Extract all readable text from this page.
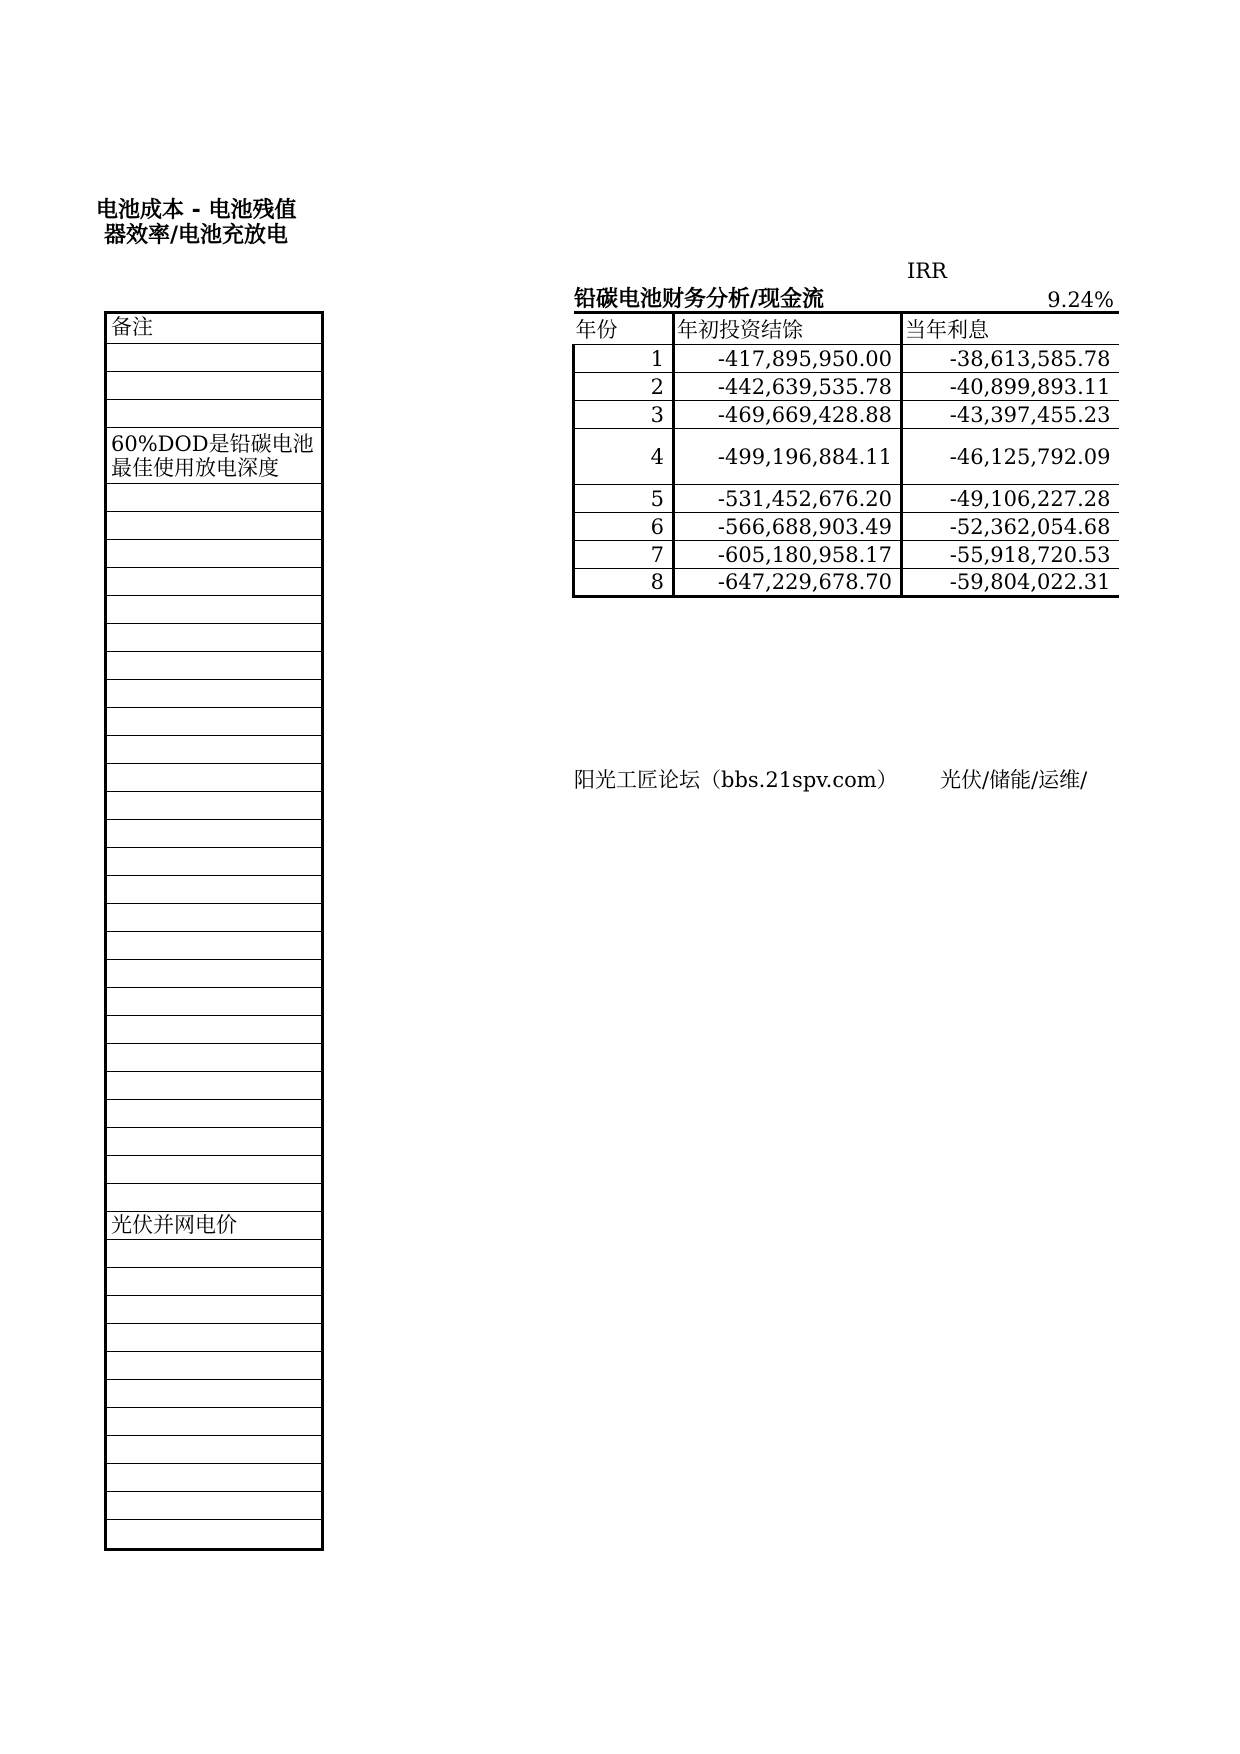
电池成本 - 电池残值
器效率/电池充放电
IRR
9.24%
铅碳电池财务分析/现金流
备注
60%DOD是铅碳电池最佳使用放电深度
光伏并网电价
年份	年初投资结馀	当年利息
1	-417,895,950.00	-38,613,585.78
2	-442,639,535.78	-40,899,893.11
3	-469,669,428.88	-43,397,455.23
4	-499,196,884.11	-46,125,792.09
5	-531,452,676.20	-49,106,227.28
6	-566,688,903.49	-52,362,054.68
7	-605,180,958.17	-55,918,720.53
8	-647,229,678.70	-59,804,022.31
阳光工匠论坛（bbs.21spv.com） 光伏/储能/运维/
